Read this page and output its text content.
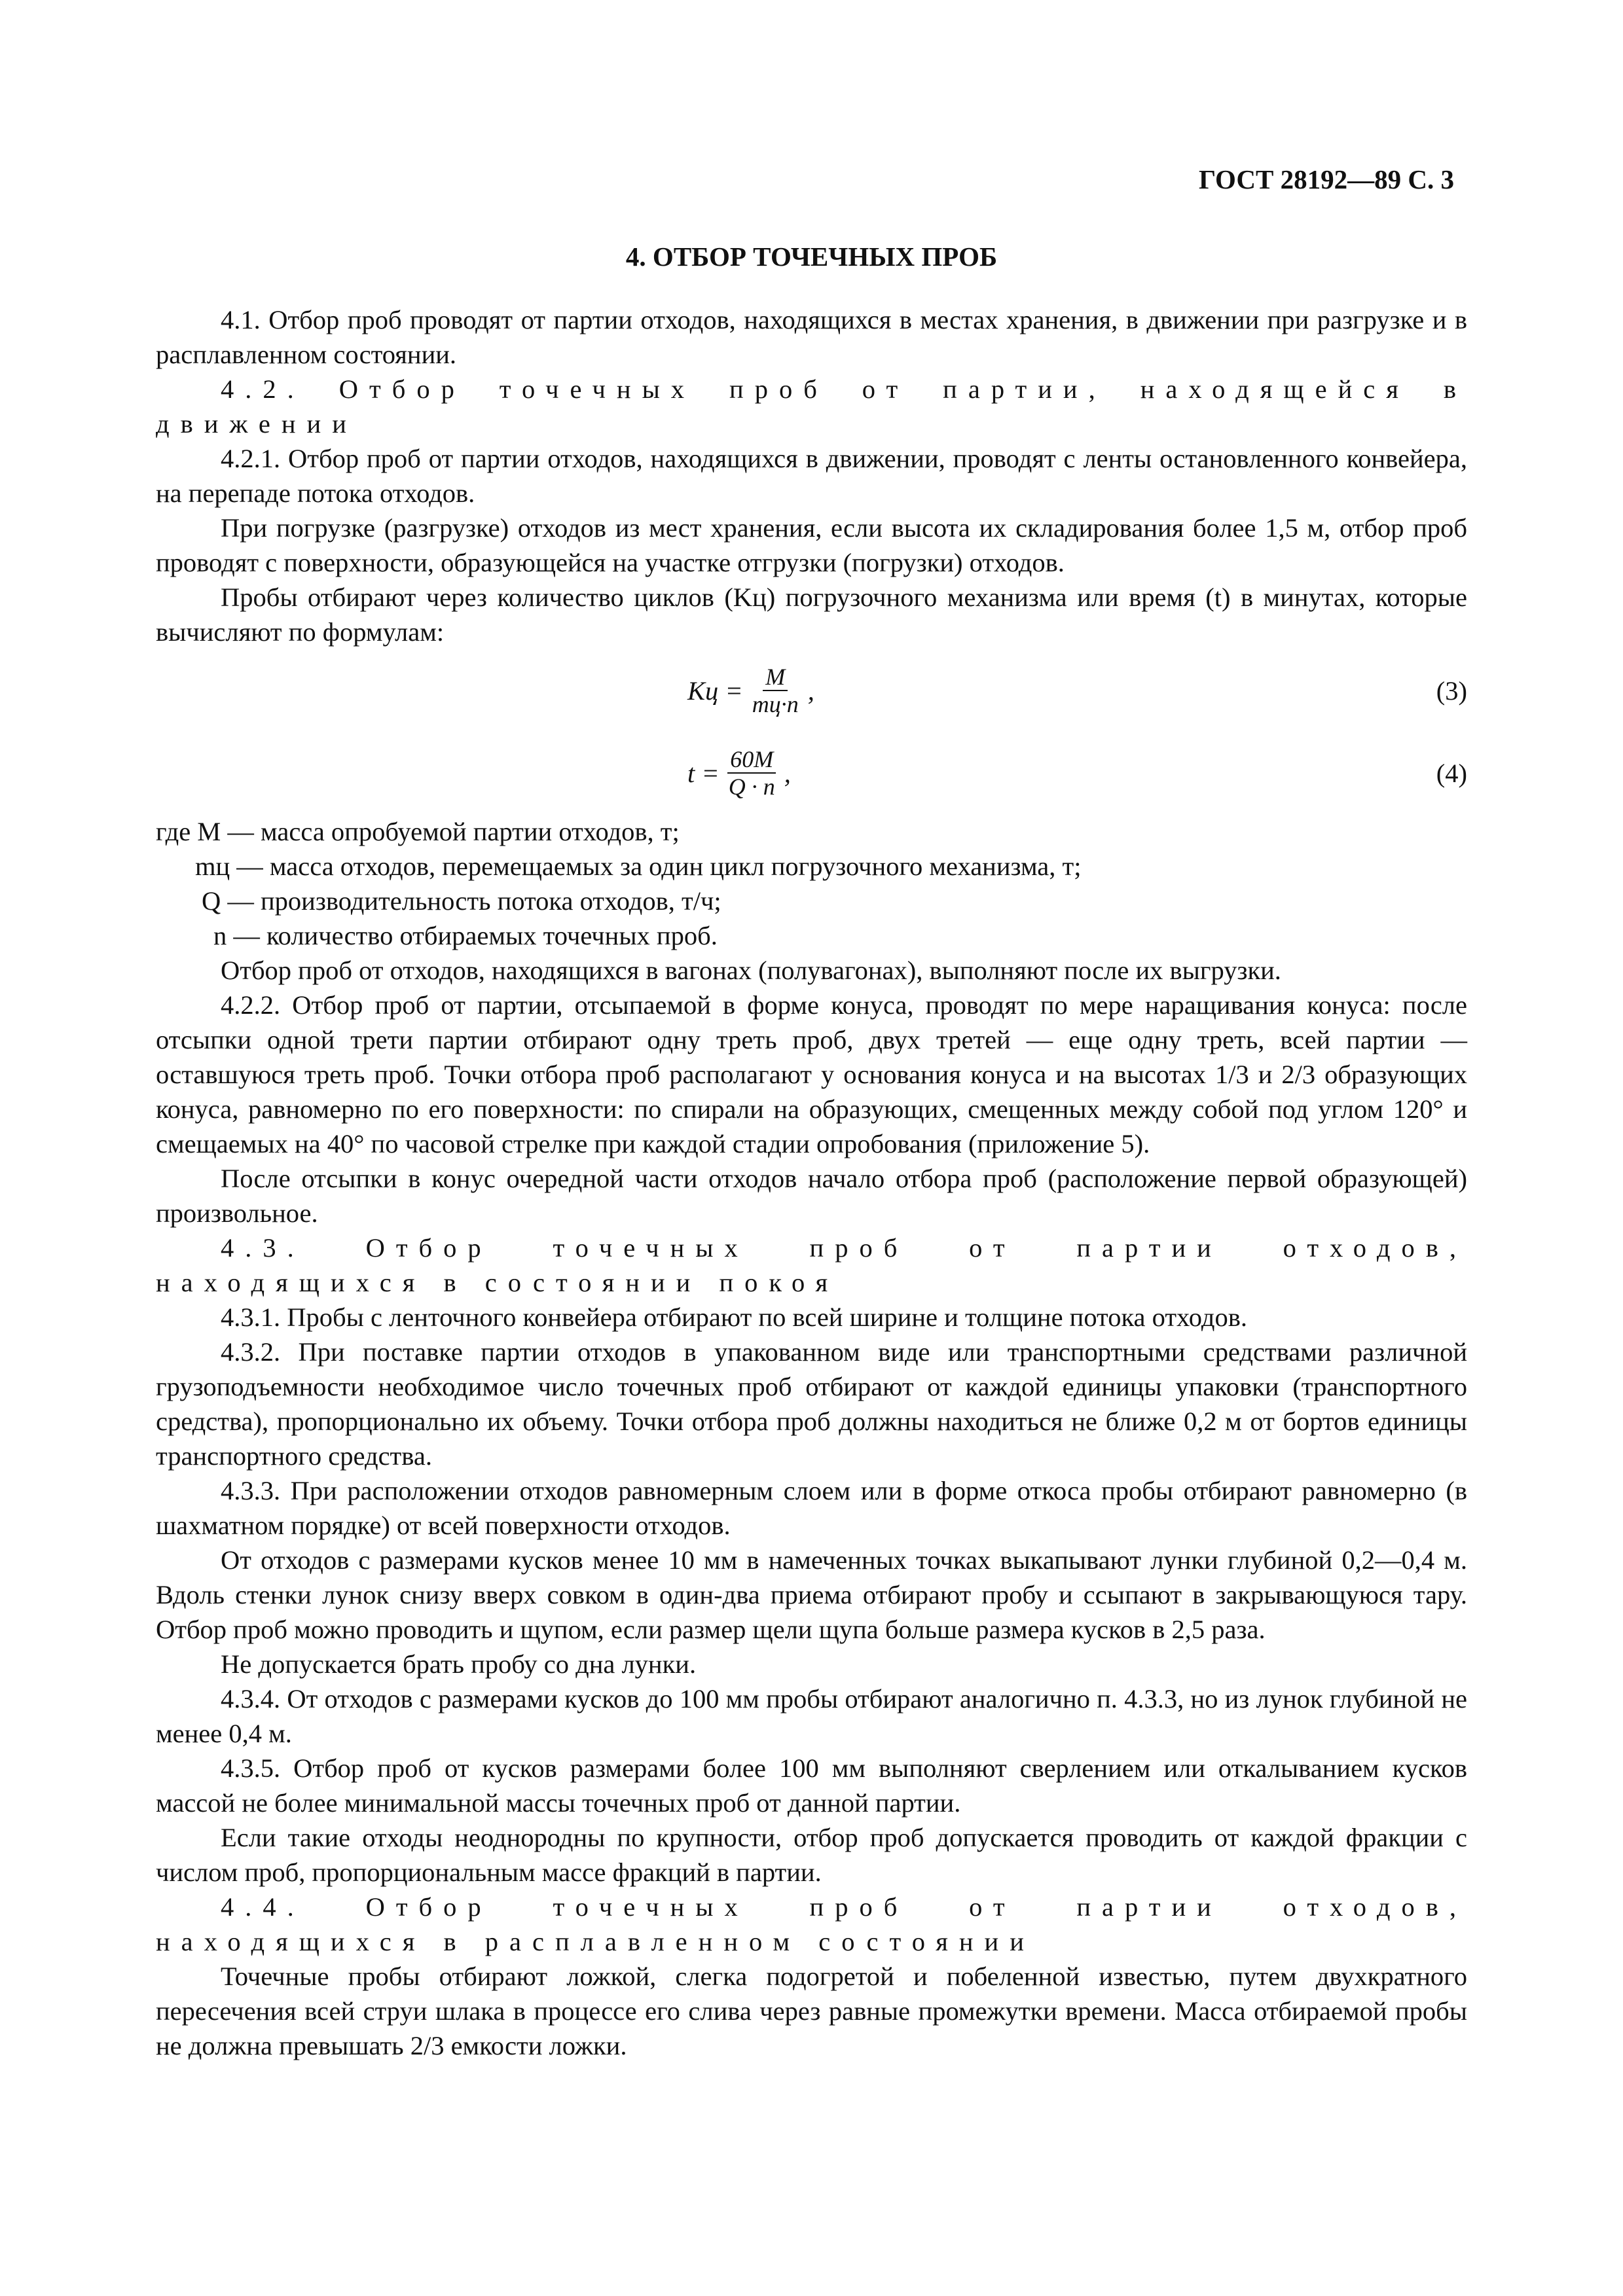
ГОСТ 28192—89 С. 3
4. ОТБОР ТОЧЕЧНЫХ ПРОБ

4.1. Отбор проб проводят от партии отходов, находящихся в местах хранения, в движении при разгрузке и в расплавленном состоянии.

4.2. Отбор точечных проб от партии, находящейся в движении

4.2.1. Отбор проб от партии отходов, находящихся в движении, проводят с ленты остановленного конвейера, на перепаде потока отходов.

При погрузке (разгрузке) отходов из мест хранения, если высота их складирования более 1,5 м, отбор проб проводят с поверхности, образующейся на участке отгрузки (погрузки) отходов.

Пробы отбирают через количество циклов (Kц) погрузочного механизма или время (t) в минутах, которые вычисляют по формулам:

Kц = $\frac{M}{mц\cdot n}$ ,	(3)
$t = \frac{60M}{Q \cdot n}$ ,	(4)
где M — масса опробуемой партии отходов, т;
mц — масса отходов, перемещаемых за один цикл погрузочного механизма, т;
Q — производительность потока отходов, т/ч;
n — количество отбираемых точечных проб.

Отбор проб от отходов, находящихся в вагонах (полувагонах), выполняют после их выгрузки.

4.2.2. Отбор проб от партии, отсыпаемой в форме конуса, проводят по мере наращивания конуса: после отсыпки одной трети партии отбирают одну треть проб, двух третей — еще одну треть, всей партии — оставшуюся треть проб. Точки отбора проб располагают у основания конуса и на высотах 1/3 и 2/3 образующих конуса, равномерно по его поверхности: по спирали на образующих, смещенных между собой под углом 120° и смещаемых на 40° по часовой стрелке при каждой стадии опробования (приложение 5).

После отсыпки в конус очередной части отходов начало отбора проб (расположение первой образующей) произвольное.

4.3. Отбор точечных проб от партии отходов, находящихся в состоянии покоя

4.3.1. Пробы с ленточного конвейера отбирают по всей ширине и толщине потока отходов.

4.3.2. При поставке партии отходов в упакованном виде или транспортными средствами различной грузоподъемности необходимое число точечных проб отбирают от каждой единицы упаковки (транспортного средства), пропорционально их объему. Точки отбора проб должны находиться не ближе 0,2 м от бортов единицы транспортного средства.

4.3.3. При расположении отходов равномерным слоем или в форме откоса пробы отбирают равномерно (в шахматном порядке) от всей поверхности отходов.

От отходов с размерами кусков менее 10 мм в намеченных точках выкапывают лунки глубиной 0,2—0,4 м. Вдоль стенки лунок снизу вверх совком в один-два приема отбирают пробу и ссыпают в закрывающуюся тару. Отбор проб можно проводить и щупом, если размер щели щупа больше размера кусков в 2,5 раза.

Не допускается брать пробу со дна лунки.

4.3.4. От отходов с размерами кусков до 100 мм пробы отбирают аналогично п. 4.3.3, но из лунок глубиной не менее 0,4 м.

4.3.5. Отбор проб от кусков размерами более 100 мм выполняют сверлением или откалыванием кусков массой не более минимальной массы точечных проб от данной партии.

Если такие отходы неоднородны по крупности, отбор проб допускается проводить от каждой фракции с числом проб, пропорциональным массе фракций в партии.

4.4. Отбор точечных проб от партии отходов, находящихся в расплавленном состоянии

Точечные пробы отбирают ложкой, слегка подогретой и побеленной известью, путем двухкратного пересечения всей струи шлака в процессе его слива через равные промежутки времени. Масса отбираемой пробы не должна превышать 2/3 емкости ложки.
